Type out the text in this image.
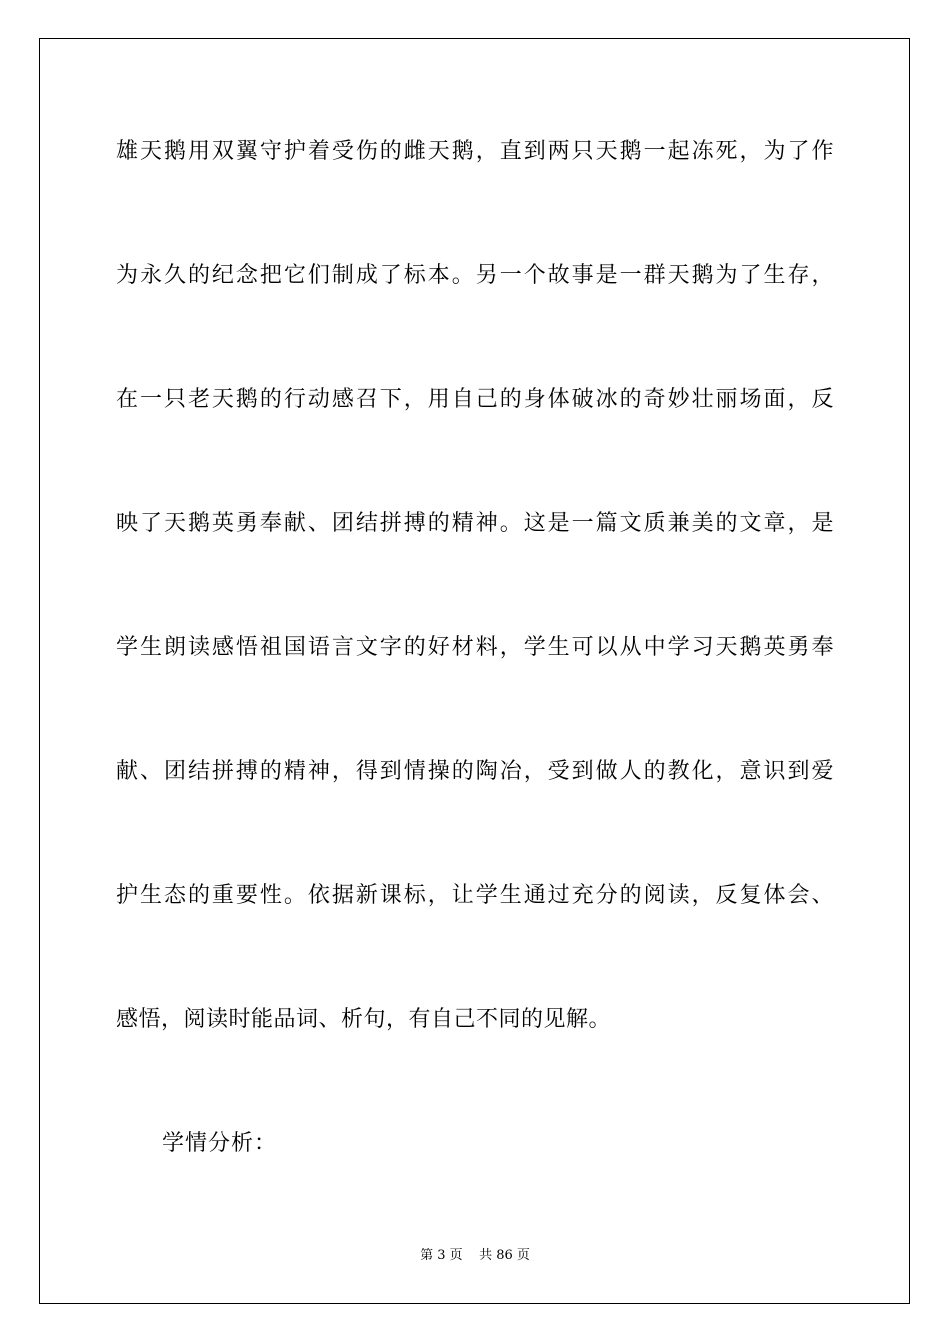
雄天鹅用双翼守护着受伤的雌天鹅，直到两只天鹅一起冻死，为了作
为永久的纪念把它们制成了标本。另一个故事是一群天鹅为了生存，
在一只老天鹅的行动感召下，用自己的身体破冰的奇妙壮丽场面，反
映了天鹅英勇奉献、团结拼搏的精神。这是一篇文质兼美的文章，是
学生朗读感悟祖国语言文字的好材料，学生可以从中学习天鹅英勇奉
献、团结拼搏的精神，得到情操的陶冶，受到做人的教化，意识到爱
护生态的重要性。依据新课标，让学生通过充分的阅读，反复体会、
感悟，阅读时能品词、析句，有自己不同的见解。
学情分析：
第 3 页    共 86 页
